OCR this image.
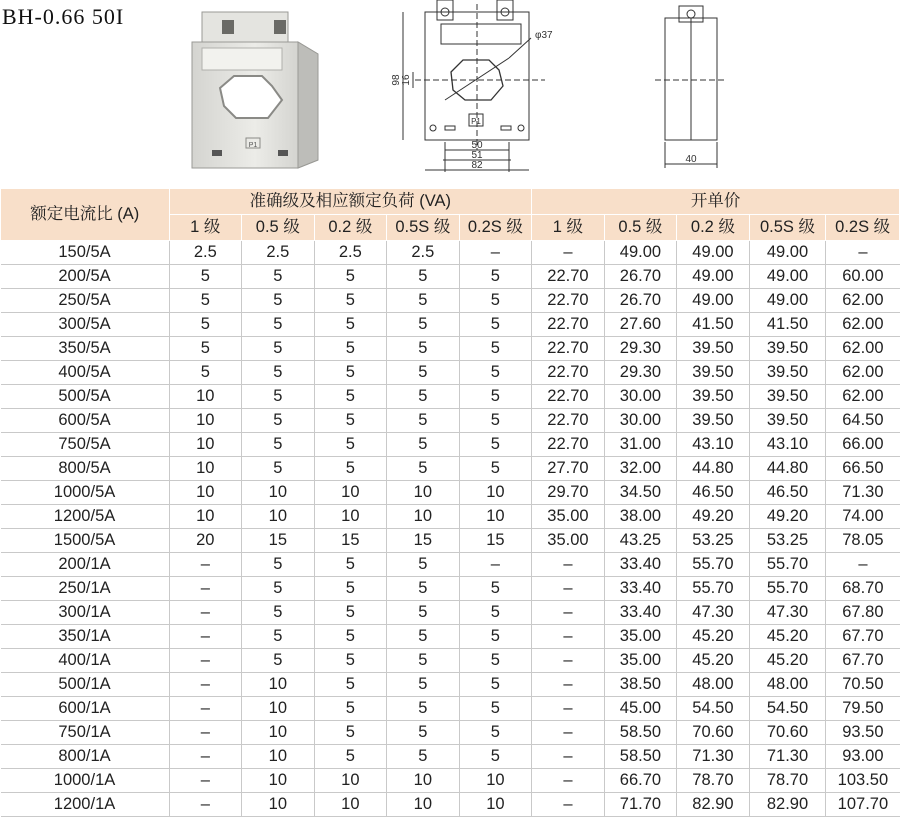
BH-0.66 50I
P1
98 16
φ37
50
51
82
P1
40
额定电流比 (A)	准确级及相应额定负荷 (VA)					开单价				
	1 级	0.5 级	0.2 级	0.5S 级	0.2S 级	1 级	0.5 级	0.2 级	0.5S 级	0.2S 级
150/5A	2.5	2.5	2.5	2.5	–	–	49.00	49.00	49.00	–
200/5A	5	5	5	5	5	22.70	26.70	49.00	49.00	60.00
250/5A	5	5	5	5	5	22.70	26.70	49.00	49.00	62.00
300/5A	5	5	5	5	5	22.70	27.60	41.50	41.50	62.00
350/5A	5	5	5	5	5	22.70	29.30	39.50	39.50	62.00
400/5A	5	5	5	5	5	22.70	29.30	39.50	39.50	62.00
500/5A	10	5	5	5	5	22.70	30.00	39.50	39.50	62.00
600/5A	10	5	5	5	5	22.70	30.00	39.50	39.50	64.50
750/5A	10	5	5	5	5	22.70	31.00	43.10	43.10	66.00
800/5A	10	5	5	5	5	27.70	32.00	44.80	44.80	66.50
1000/5A	10	10	10	10	10	29.70	34.50	46.50	46.50	71.30
1200/5A	10	10	10	10	10	35.00	38.00	49.20	49.20	74.00
1500/5A	20	15	15	15	15	35.00	43.25	53.25	53.25	78.05
200/1A	–	5	5	5	–	–	33.40	55.70	55.70	–
250/1A	–	5	5	5	5	–	33.40	55.70	55.70	68.70
300/1A	–	5	5	5	5	–	33.40	47.30	47.30	67.80
350/1A	–	5	5	5	5	–	35.00	45.20	45.20	67.70
400/1A	–	5	5	5	5	–	35.00	45.20	45.20	67.70
500/1A	–	10	5	5	5	–	38.50	48.00	48.00	70.50
600/1A	–	10	5	5	5	–	45.00	54.50	54.50	79.50
750/1A	–	10	5	5	5	–	58.50	70.60	70.60	93.50
800/1A	–	10	5	5	5	–	58.50	71.30	71.30	93.00
1000/1A	–	10	10	10	10	–	66.70	78.70	78.70	103.50
1200/1A	–	10	10	10	10	–	71.70	82.90	82.90	107.70
